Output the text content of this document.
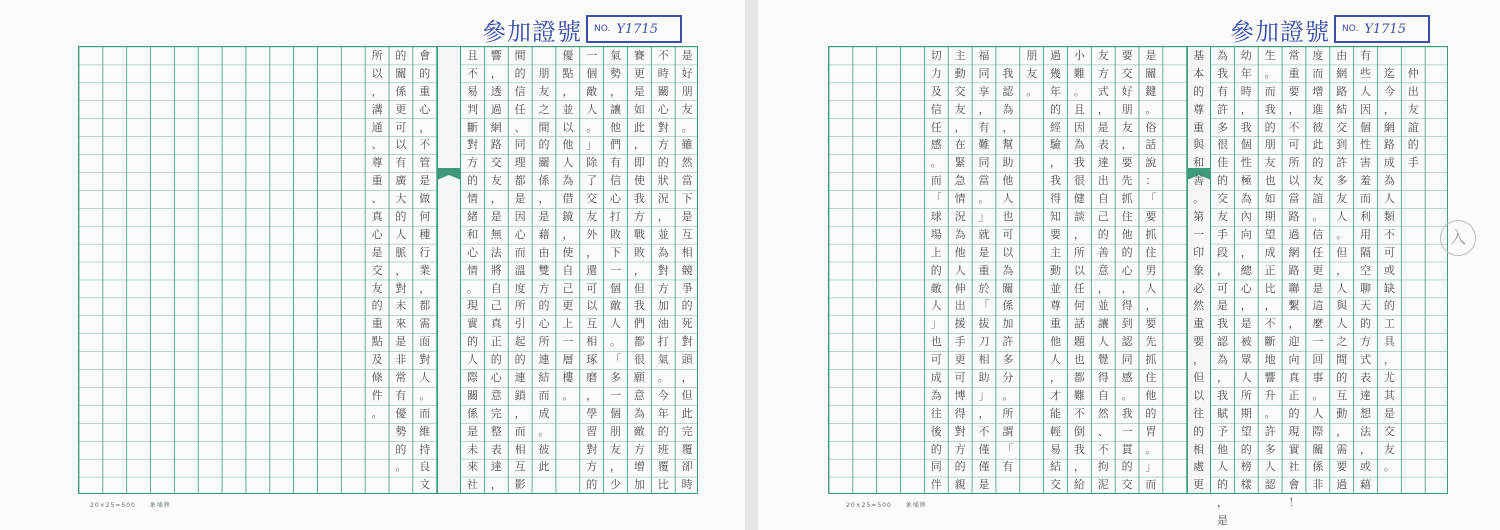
參加證號 NO. Y1715
是
好
朋
友
。
雖
然
當
下
是
互
相
競
爭
的
死
對
頭
，
但
此
完
覆
卻
時
不
時
關
心
對
方
的
狀
況
，
並
為
對
方
加
油
打
氣
。
今
年
的
班
覆
比
賽
更
是
如
此
，
即
使
我
方
戰
敗
，
但
我
們
都
很
願
意
為
敵
方
增
加
氣
勢
，
讓
他
們
有
信
心
打
敗
下
一
個
敵
人
。
「
多
一
個
朋
友
，
少
一
個
敵
人
。
」
除
了
交
友
外
，
還
可
以
互
相
琢
磨
，
學
習
對
方
的
優
點
，
並
以
他
人
為
借
鏡
，
使
自
己
更
上
一
層
樓
。
朋
友
之
間
的
關
係
，
是
藉
由
雙
方
的
心
所
連
結
而
成
。
彼
此
間
的
信
任
、
同
理
都
是
因
心
而
溫
度
所
引
起
的
連
鎖
，
而
相
互
影
響
，
透
過
網
路
交
友
，
是
無
法
將
自
己
真
正
的
心
意
完
整
表
達
，
且
不
易
判
斷
對
方
的
情
緒
和
心
情
。
現
實
的
人
際
關
係
是
未
來
社
會
的
重
心
，
不
管
是
做
何
種
行
業
，
都
需
面
對
人
。
而
維
持
良
文
的
關
係
更
可
以
有
廣
大
的
人
脈
，
對
未
來
是
非
常
有
優
勢
的
。
所
以
，
溝
通
、
尊
重
、
真
心
是
交
友
的
重
點
及
條
件
。
20×25=500　　象埔牌
參加證號 NO. Y1715
仲
出
友
誼
的
手
迄
今
，
網
路
成
為
人
類
不
可
或
缺
的
工
具
，
尤
其
是
交
友
。
有
些
人
因
個
性
害
羞
而
利
用
隔
空
聊
天
的
方
式
表
達
想
法
，
或
藉
由
網
路
結
交
到
許
多
友
人
。
但
，
人
與
人
之
間
的
互
動
，
需
要
過
度
而
增
進
彼
此
的
友
誼
。
信
任
更
是
這
麼
一
回
事
。
人
際
關
係
非
常
重
要
，
不
可
所
以
當
路
過
網
路
聯
繫
，
迎
向
真
正
的
現
實
社
會
！
生
。
而
我
的
朋
友
也
如
期
望
成
正
比
，
不
斷
地
響
升
。
許
多
人
認
幼
年
時
，
我
個
性
極
為
內
向
，
總
心
，
是
被
眾
人
所
期
望
的
榜
樣
為
我
有
許
多
很
佳
的
交
友
手
段
，
可
是
我
認
為
，
我
賦
予
他
人
的
，
是
基
本
的
尊
重
與
和
善
。
第
一
印
象
必
然
重
要
，
但
以
往
的
相
處
更
是
關
鍵
。
俗
話
說
：
「
要
抓
住
男
人
，
要
先
抓
住
他
的
胃
。
」
而
要
交
好
朋
友
，
要
先
抓
住
他
的
心
，
得
到
認
同
感
。
我
一
貫
的
交
友
方
式
，
是
表
達
出
自
己
的
善
意
，
並
讓
人
覺
得
自
然
、
不
拘
泥
小
難
。
且
因
為
我
很
健
談
，
所
以
任
何
話
題
也
都
難
不
倒
我
，
給
過
幾
年
的
經
驗
，
我
得
知
要
主
動
並
尊
重
他
人
，
才
能
輕
易
結
交
朋
友
。
我
認
為
，
幫
助
他
人
也
可
以
為
關
係
加
許
多
分
。
所
謂
「
有
福
同
享
，
有
難
同
當
。
」
就
是
重
於
「
拔
刀
相
助
」
，
不
僅
僅
是
主
動
交
友
，
在
緊
急
情
況
為
他
人
伸
出
援
手
更
可
博
得
對
方
的
親
切
力
及
信
任
感
。
而
「
球
場
上
的
敵
人
」
也
可
成
為
往
後
的
同
伴
20×25=500　　象埔牌
入
